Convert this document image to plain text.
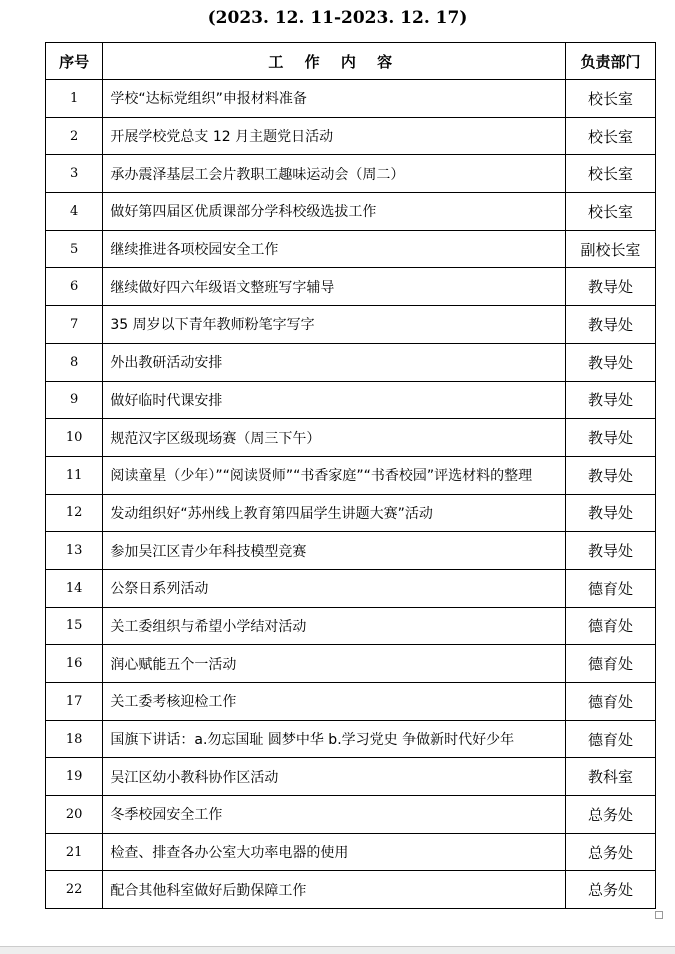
(2023. 12. 11-2023. 12. 17)
序号	工 作 内 容	负责部门
1	学校“达标党组织”申报材料准备	校长室
2	开展学校党总支 12 月主题党日活动	校长室
3	承办震泽基层工会片教职工趣味运动会（周二）	校长室
4	做好第四届区优质课部分学科校级选拔工作	校长室
5	继续推进各项校园安全工作	副校长室
6	继续做好四六年级语文整班写字辅导	教导处
7	35 周岁以下青年教师粉笔字写字	教导处
8	外出教研活动安排	教导处
9	做好临时代课安排	教导处
10	规范汉字区级现场赛（周三下午）	教导处
11	阅读童星（少年）”“阅读贤师”“书香家庭”“书香校园”评选材料的整理	教导处
12	发动组织好“苏州线上教育第四届学生讲题大赛”活动	教导处
13	参加吴江区青少年科技模型竞赛	教导处
14	公祭日系列活动	德育处
15	关工委组织与希望小学结对活动	德育处
16	润心赋能五个一活动	德育处
17	关工委考核迎检工作	德育处
18	国旗下讲话：a.勿忘国耻 圆梦中华 b.学习党史 争做新时代好少年	德育处
19	吴江区幼小教科协作区活动	教科室
20	冬季校园安全工作	总务处
21	检查、排查各办公室大功率电器的使用	总务处
22	配合其他科室做好后勤保障工作	总务处
